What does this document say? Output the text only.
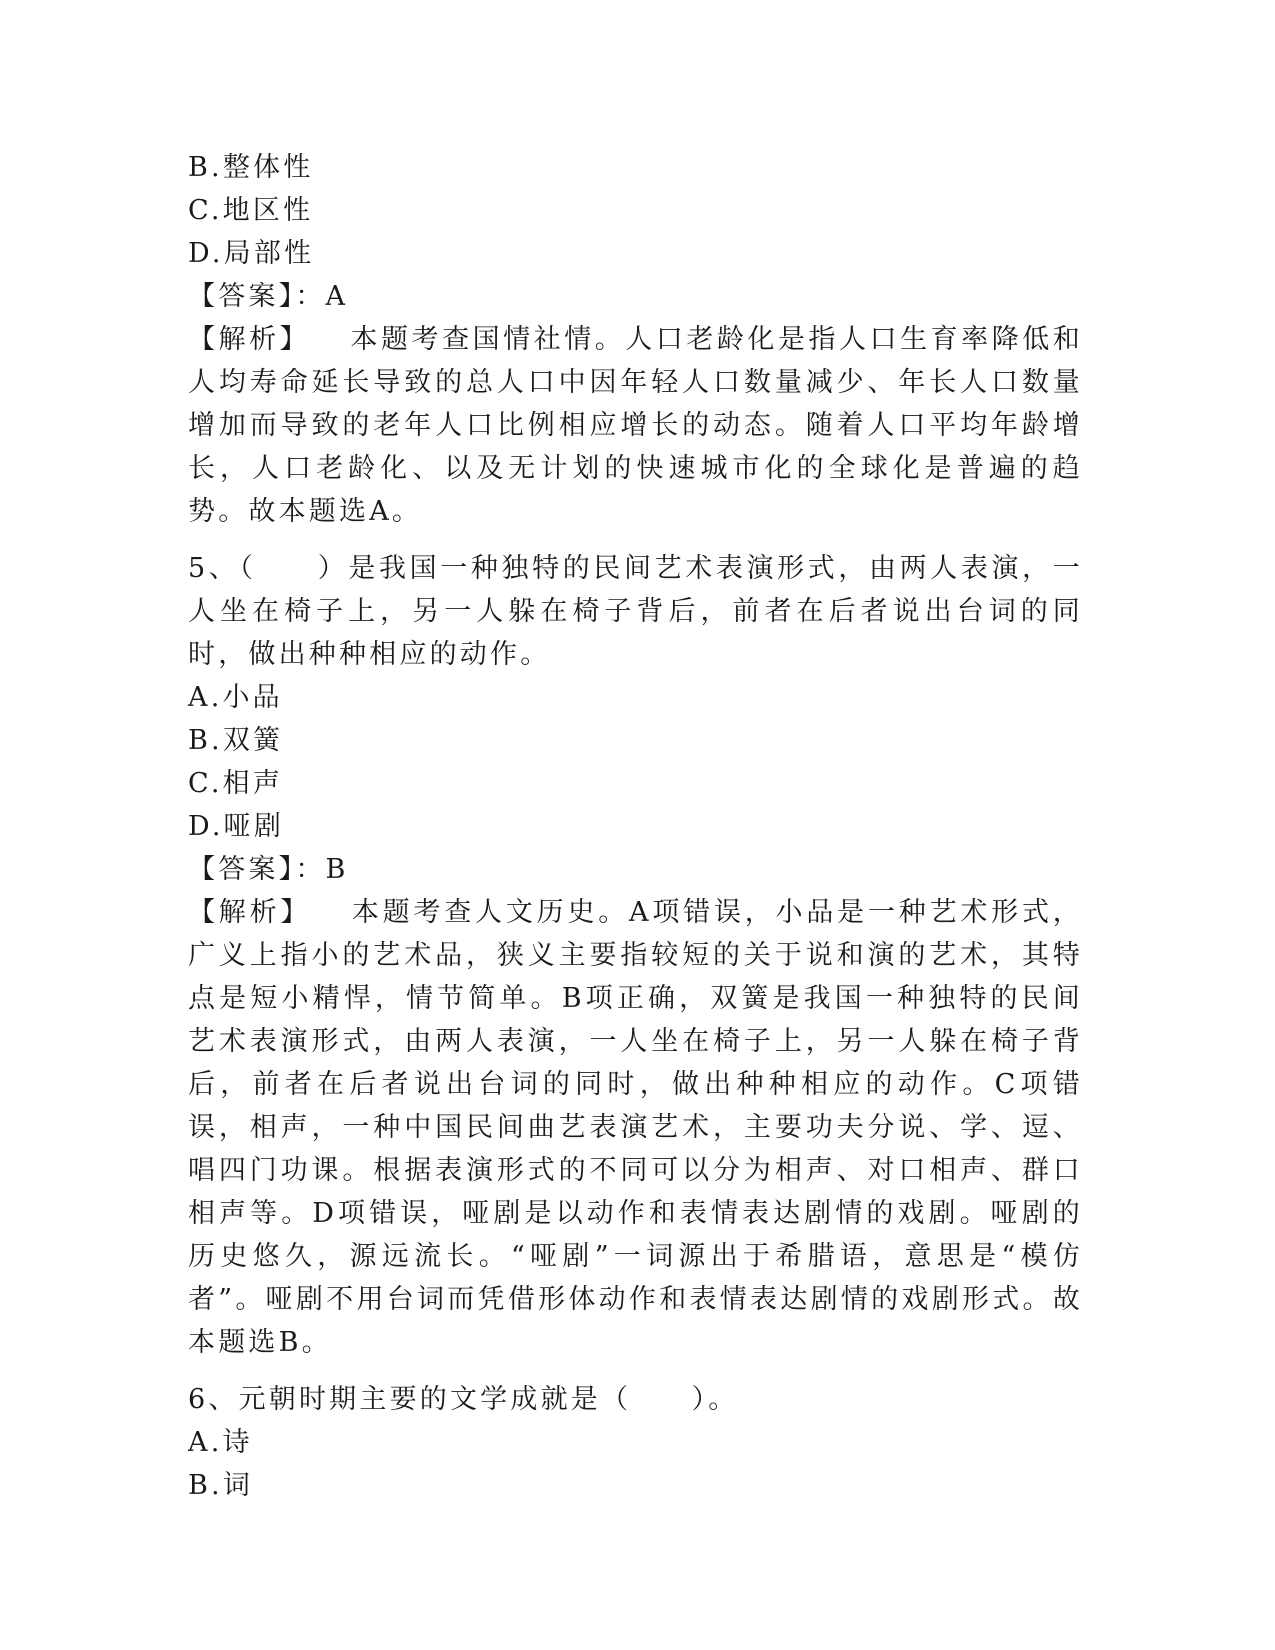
B.整体性
C.地区性
D.局部性
【答案】：A
【解析】 本题考查国情社情。人口老龄化是指人口生育率降低和人均寿命延长导致的总人口中因年轻人口数量减少、年长人口数量增加而导致的老年人口比例相应增长的动态。随着人口平均年龄增长，人口老龄化、以及无计划的快速城市化的全球化是普遍的趋势。故本题选A。
5、（　　）是我国一种独特的民间艺术表演形式，由两人表演，一人坐在椅子上，另一人躲在椅子背后，前者在后者说出台词的同时，做出种种相应的动作。
A.小品
B.双簧
C.相声
D.哑剧
【答案】：B
【解析】 本题考查人文历史。A项错误，小品是一种艺术形式，广义上指小的艺术品，狭义主要指较短的关于说和演的艺术，其特点是短小精悍，情节简单。B项正确，双簧是我国一种独特的民间艺术表演形式，由两人表演，一人坐在椅子上，另一人躲在椅子背后，前者在后者说出台词的同时，做出种种相应的动作。C项错误，相声，一种中国民间曲艺表演艺术，主要功夫分说、学、逗、唱四门功课。根据表演形式的不同可以分为相声、对口相声、群口相声等。D项错误，哑剧是以动作和表情表达剧情的戏剧。哑剧的历史悠久，源远流长。“哑剧”一词源出于希腊语，意思是“模仿者”。哑剧不用台词而凭借形体动作和表情表达剧情的戏剧形式。故本题选B。
6、元朝时期主要的文学成就是（　　）。
A.诗
B.词
